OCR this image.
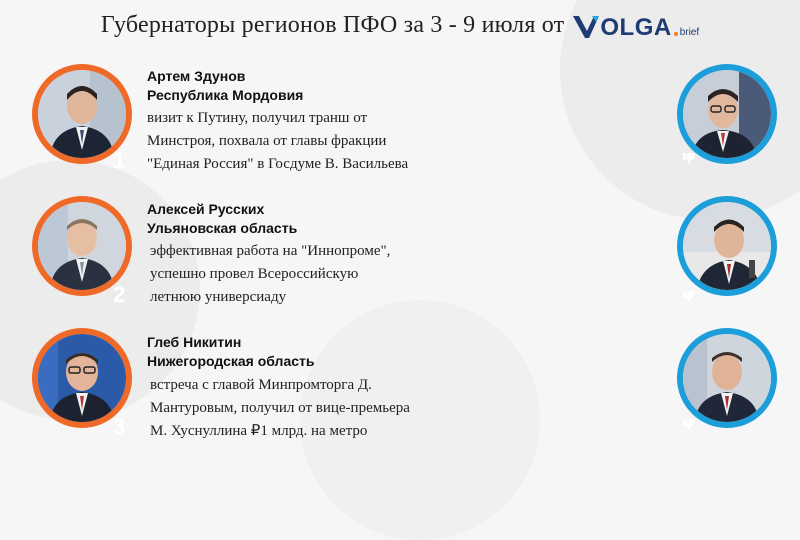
Губернаторы регионов ПФО за 3 - 9 июля от OLGA brief
1
Артем Здунов
Республика Мордовия
визит к Путину, получил транш от
Минстроя, похвала от главы фракции
"Единая Россия" в Госдуме В. Васильева
2
Алексей Русских
Ульяновская область
эффективная работа на "Иннопроме",
успешно провел Всероссийскую
летнюю универсиаду
3
Глеб Никитин
Нижегородская область
встреча с главой Минпромторга Д.
Мантуровым, получил от вице-премьера
М. Хуснуллина ₽1 млрд. на метро
